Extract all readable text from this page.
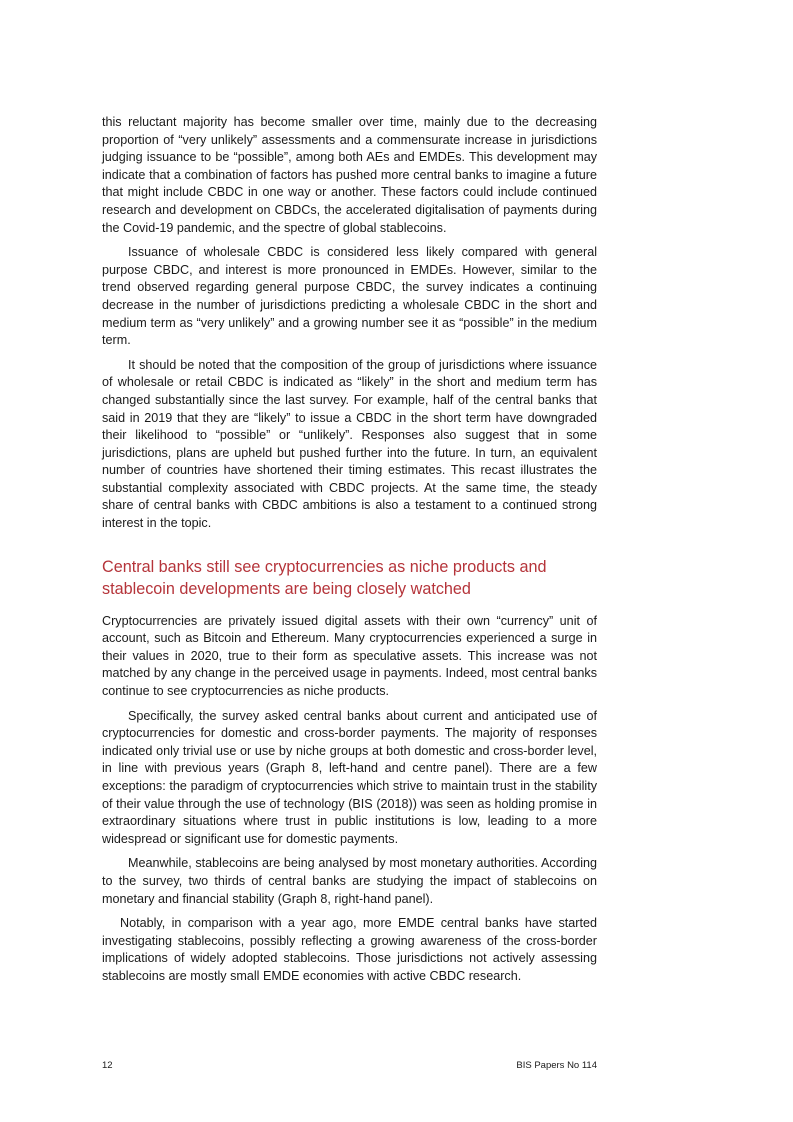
this reluctant majority has become smaller over time, mainly due to the decreasing proportion of “very unlikely” assessments and a commensurate increase in jurisdictions judging issuance to be “possible”, among both AEs and EMDEs. This development may indicate that a combination of factors has pushed more central banks to imagine a future that might include CBDC in one way or another. These factors could include continued research and development on CBDCs, the accelerated digitalisation of payments during the Covid-19 pandemic, and the spectre of global stablecoins.

Issuance of wholesale CBDC is considered less likely compared with general purpose CBDC, and interest is more pronounced in EMDEs. However, similar to the trend observed regarding general purpose CBDC, the survey indicates a continuing decrease in the number of jurisdictions predicting a wholesale CBDC in the short and medium term as “very unlikely” and a growing number see it as “possible” in the medium term.

It should be noted that the composition of the group of jurisdictions where issuance of wholesale or retail CBDC is indicated as “likely” in the short and medium term has changed substantially since the last survey. For example, half of the central banks that said in 2019 that they are “likely” to issue a CBDC in the short term have downgraded their likelihood to “possible” or “unlikely”. Responses also suggest that in some jurisdictions, plans are upheld but pushed further into the future. In turn, an equivalent number of countries have shortened their timing estimates. This recast illustrates the substantial complexity associated with CBDC projects. At the same time, the steady share of central banks with CBDC ambitions is also a testament to a continued strong interest in the topic.

Central banks still see cryptocurrencies as niche products and stablecoin developments are being closely watched

Cryptocurrencies are privately issued digital assets with their own “currency” unit of account, such as Bitcoin and Ethereum. Many cryptocurrencies experienced a surge in their values in 2020, true to their form as speculative assets. This increase was not matched by any change in the perceived usage in payments. Indeed, most central banks continue to see cryptocurrencies as niche products.

Specifically, the survey asked central banks about current and anticipated use of cryptocurrencies for domestic and cross-border payments. The majority of responses indicated only trivial use or use by niche groups at both domestic and cross-border level, in line with previous years (Graph 8, left-hand and centre panel). There are a few exceptions: the paradigm of cryptocurrencies which strive to maintain trust in the stability of their value through the use of technology (BIS (2018)) was seen as holding promise in extraordinary situations where trust in public institutions is low, leading to a more widespread or significant use for domestic payments.

Meanwhile, stablecoins are being analysed by most monetary authorities. According to the survey, two thirds of central banks are studying the impact of stablecoins on monetary and financial stability (Graph 8, right-hand panel).

Notably, in comparison with a year ago, more EMDE central banks have started investigating stablecoins, possibly reflecting a growing awareness of the cross-border implications of widely adopted stablecoins. Those jurisdictions not actively assessing stablecoins are mostly small EMDE economies with active CBDC research.

12	BIS Papers No 114
